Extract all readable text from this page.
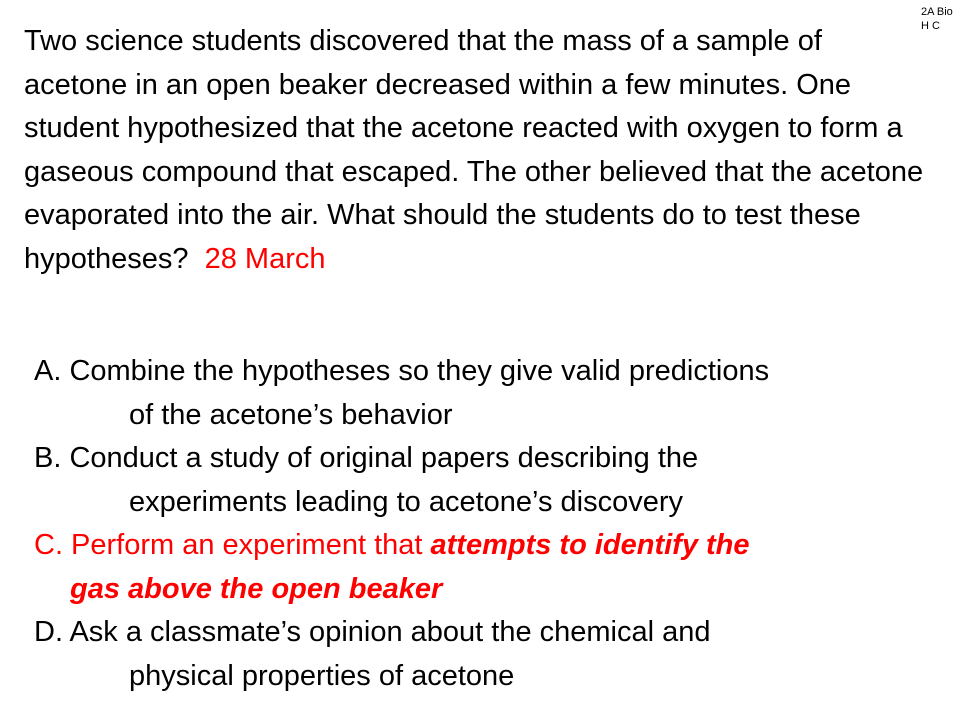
2A Bio
H C

Two science students discovered that the mass of a sample of acetone in an open beaker decreased within a few minutes. One student hypothesized that the acetone reacted with oxygen to form a gaseous compound that escaped. The other believed that the acetone evaporated into the air. What should the students do to test these hypotheses? 28 March

A. Combine the hypotheses so they give valid predictions
of the acetone’s behavior
B. Conduct a study of original papers describing the
experiments leading to acetone’s discovery
C. Perform an experiment that attempts to identify the
gas above the open beaker
D. Ask a classmate’s opinion about the chemical and
physical properties of acetone
